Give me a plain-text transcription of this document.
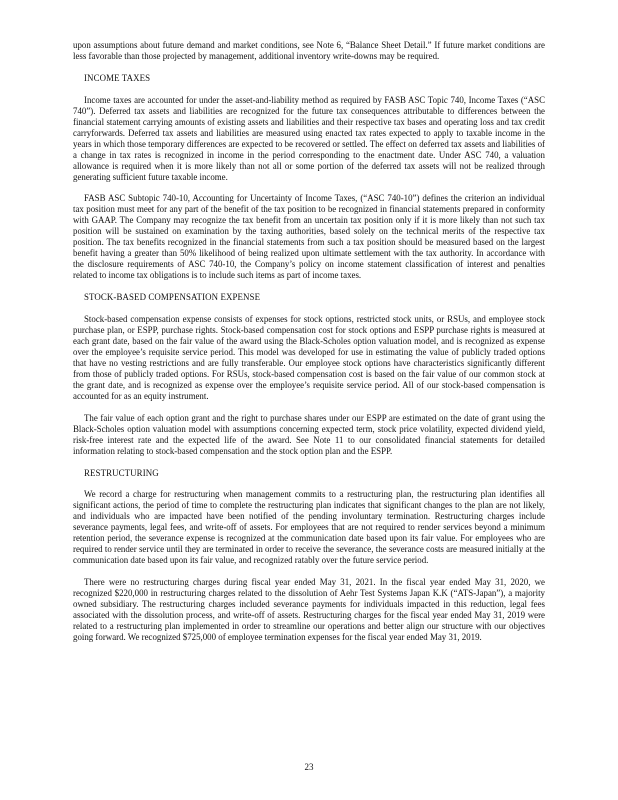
upon assumptions about future demand and market conditions, see Note 6, “Balance Sheet Detail.” If future market conditions are less favorable than those projected by management, additional inventory write-downs may be required.

INCOME TAXES

Income taxes are accounted for under the asset-and-liability method as required by FASB ASC Topic 740, Income Taxes (“ASC 740”). Deferred tax assets and liabilities are recognized for the future tax consequences attributable to differences between the financial statement carrying amounts of existing assets and liabilities and their respective tax bases and operating loss and tax credit carryforwards. Deferred tax assets and liabilities are measured using enacted tax rates expected to apply to taxable income in the years in which those temporary differences are expected to be recovered or settled. The effect on deferred tax assets and liabilities of a change in tax rates is recognized in income in the period corresponding to the enactment date. Under ASC 740, a valuation allowance is required when it is more likely than not all or some portion of the deferred tax assets will not be realized through generating sufficient future taxable income.

FASB ASC Subtopic 740-10, Accounting for Uncertainty of Income Taxes, (“ASC 740-10”) defines the criterion an individual tax position must meet for any part of the benefit of the tax position to be recognized in financial statements prepared in conformity with GAAP. The Company may recognize the tax benefit from an uncertain tax position only if it is more likely than not such tax position will be sustained on examination by the taxing authorities, based solely on the technical merits of the respective tax position. The tax benefits recognized in the financial statements from such a tax position should be measured based on the largest benefit having a greater than 50% likelihood of being realized upon ultimate settlement with the tax authority. In accordance with the disclosure requirements of ASC 740-10, the Company’s policy on income statement classification of interest and penalties related to income tax obligations is to include such items as part of income taxes.

STOCK-BASED COMPENSATION EXPENSE

Stock-based compensation expense consists of expenses for stock options, restricted stock units, or RSUs, and employee stock purchase plan, or ESPP, purchase rights. Stock-based compensation cost for stock options and ESPP purchase rights is measured at each grant date, based on the fair value of the award using the Black-Scholes option valuation model, and is recognized as expense over the employee’s requisite service period. This model was developed for use in estimating the value of publicly traded options that have no vesting restrictions and are fully transferable. Our employee stock options have characteristics significantly different from those of publicly traded options. For RSUs, stock-based compensation cost is based on the fair value of our common stock at the grant date, and is recognized as expense over the employee’s requisite service period. All of our stock-based compensation is accounted for as an equity instrument.

The fair value of each option grant and the right to purchase shares under our ESPP are estimated on the date of grant using the Black-Scholes option valuation model with assumptions concerning expected term, stock price volatility, expected dividend yield, risk-free interest rate and the expected life of the award. See Note 11 to our consolidated financial statements for detailed information relating to stock-based compensation and the stock option plan and the ESPP.

RESTRUCTURING

We record a charge for restructuring when management commits to a restructuring plan, the restructuring plan identifies all significant actions, the period of time to complete the restructuring plan indicates that significant changes to the plan are not likely, and individuals who are impacted have been notified of the pending involuntary termination. Restructuring charges include severance payments, legal fees, and write-off of assets. For employees that are not required to render services beyond a minimum retention period, the severance expense is recognized at the communication date based upon its fair value. For employees who are required to render service until they are terminated in order to receive the severance, the severance costs are measured initially at the communication date based upon its fair value, and recognized ratably over the future service period.

There were no restructuring charges during fiscal year ended May 31, 2021. In the fiscal year ended May 31, 2020, we recognized $220,000 in restructuring charges related to the dissolution of Aehr Test Systems Japan K.K (“ATS-Japan”), a majority owned subsidiary. The restructuring charges included severance payments for individuals impacted in this reduction, legal fees associated with the dissolution process, and write-off of assets. Restructuring charges for the fiscal year ended May 31, 2019 were related to a restructuring plan implemented in order to streamline our operations and better align our structure with our objectives going forward. We recognized $725,000 of employee termination expenses for the fiscal year ended May 31, 2019.

23
